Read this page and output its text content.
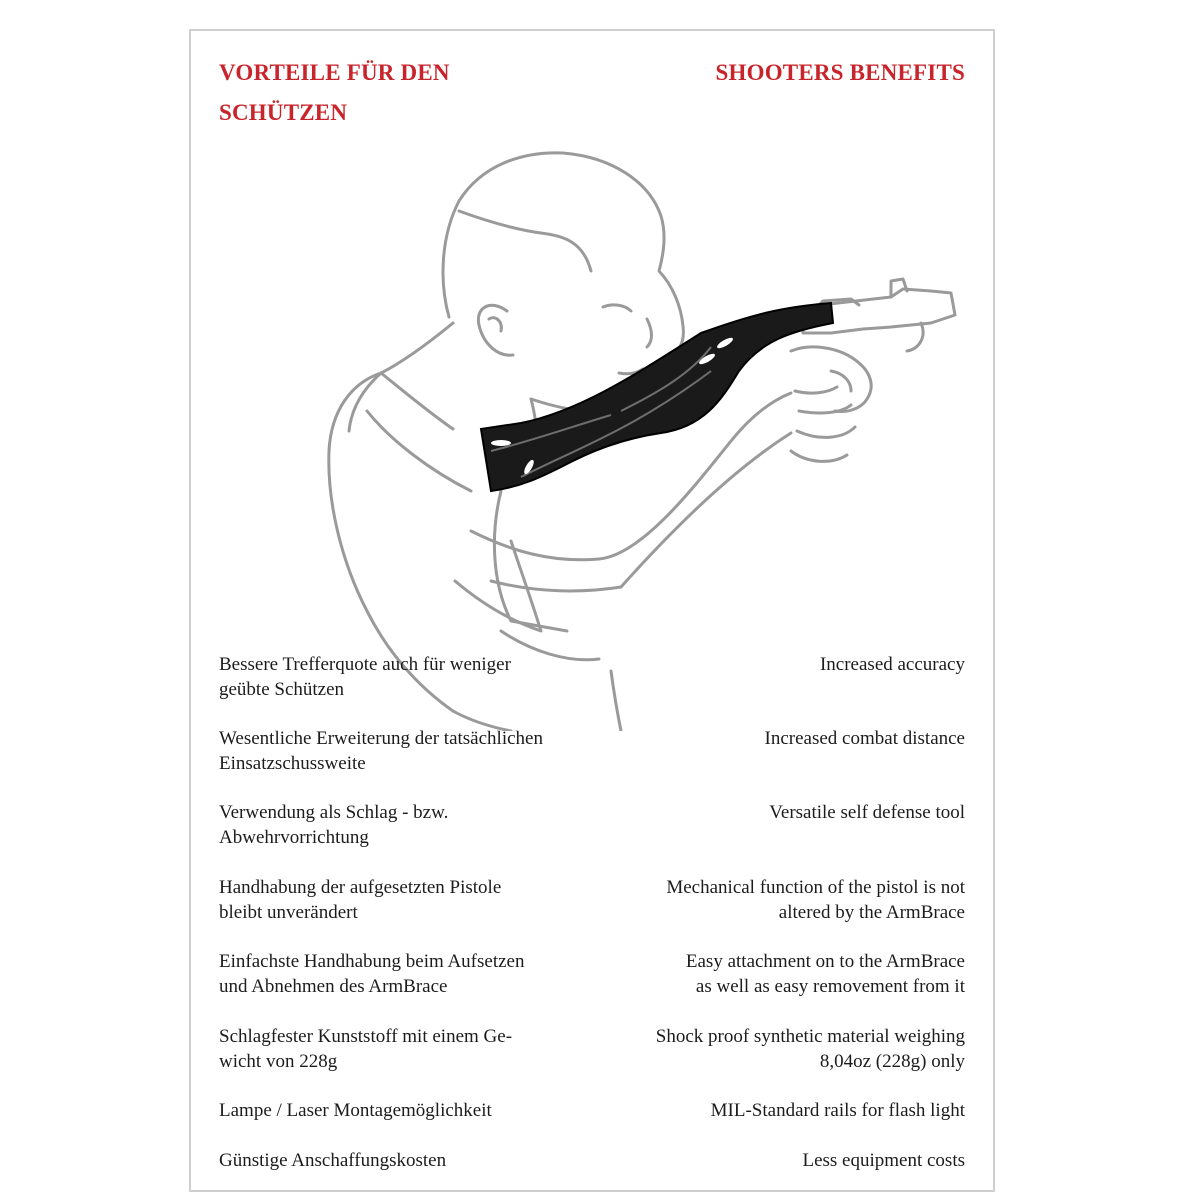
VORTEILE FÜR DEN
SCHÜTZEN
SHOOTERS BENEFITS
Bessere Trefferquote auch für weniger
geübte Schützen
Increased accuracy
Wesentliche Erweiterung der tatsächlichen
Einsatzschussweite
Increased combat distance
Verwendung als Schlag - bzw.
Abwehrvorrichtung
Versatile self defense tool
Handhabung der aufgesetzten Pistole
bleibt unverändert
Mechanical function of the pistol is not
altered by the ArmBrace
Einfachste Handhabung beim Aufsetzen
und Abnehmen des ArmBrace
Easy attachment on to the ArmBrace
as well as easy removement from it
Schlagfester Kunststoff mit einem Ge-
wicht von 228g
Shock proof synthetic material weighing
8,04oz (228g) only
Lampe / Laser Montagemöglichkeit	MIL-Standard rails for flash light
Günstige Anschaffungskosten	Less equipment costs
